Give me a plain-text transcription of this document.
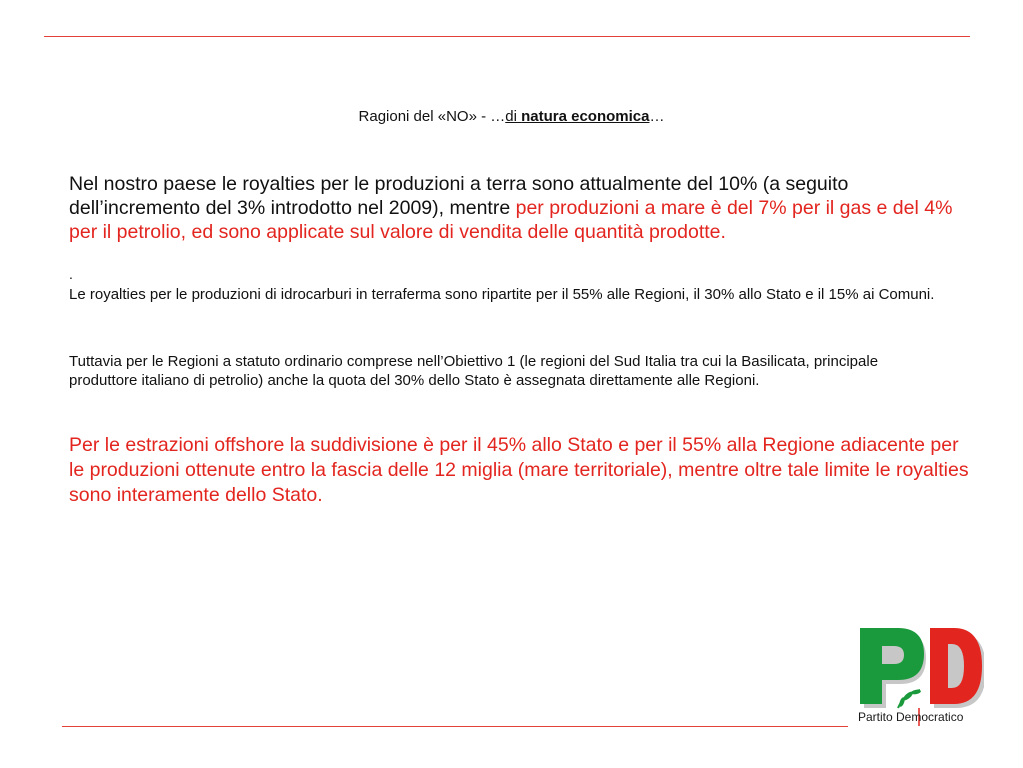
Ragioni del «NO» - …di natura economica…
Nel nostro paese le royalties per le produzioni a terra sono attualmente del 10% (a seguito dell’incremento del 3% introdotto nel 2009), mentre per produzioni a mare è del 7% per il gas e del 4% per il petrolio, ed sono applicate sul valore di vendita delle quantità prodotte.
.
Le royalties per le produzioni di idrocarburi in terraferma sono ripartite per il 55% alle Regioni, il 30% allo Stato e il 15% ai Comuni.
Tuttavia per le Regioni a statuto ordinario comprese nell’Obiettivo 1 (le regioni del Sud Italia tra cui la Basilicata, principale produttore italiano di petrolio) anche la quota del 30% dello Stato è assegnata direttamente alle Regioni.
Per le estrazioni offshore la suddivisione è per il 45% allo Stato e per il 55% alla Regione adiacente per le produzioni ottenute entro la fascia delle 12 miglia (mare territoriale), mentre oltre tale limite le royalties sono interamente dello Stato.
Partito Democratico
